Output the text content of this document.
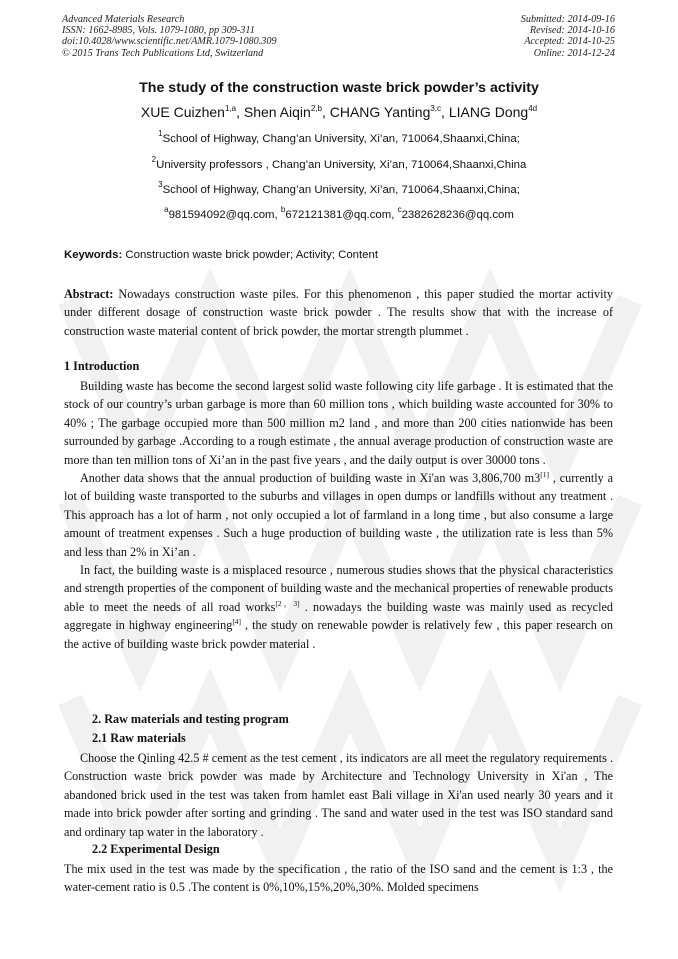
Advanced Materials Research
ISSN: 1662-8985, Vols. 1079-1080, pp 309-311
doi:10.4028/www.scientific.net/AMR.1079-1080.309
© 2015 Trans Tech Publications Ltd, Switzerland
Submitted: 2014-09-16
Revised: 2014-10-16
Accepted: 2014-10-25
Online: 2014-12-24
The study of the construction waste brick powder’s activity
XUE Cuizhen$^{1,a}$, Shen Aiqin$^{2,b}$, CHANG Yanting$^{3,c}$, LIANG Dong$^{4d}$
$^1$School of Highway, Chang’an University, Xi’an, 710064,Shaanxi,China;
$^2$University professors , Chang’an University, Xi’an, 710064,Shaanxi,China
$^3$School of Highway, Chang’an University, Xi’an, 710064,Shaanxi,China;
$^a$981594092@qq.com, $^b$672121381@qq.com, $^c$2382628236@qq.com
Keywords: Construction waste brick powder; Activity; Content

Abstract: Nowadays construction waste piles. For this phenomenon , this paper studied the mortar activity under different dosage of construction waste brick powder . The results show that with the increase of construction waste material content of brick powder, the mortar strength plummet .

1 Introduction

Building waste has become the second largest solid waste following city life garbage . It is estimated that the stock of our country’s urban garbage is more than 60 million tons , which building waste accounted for 30% to 40% ; The garbage occupied more than 500 million m2 land , and more than 200 cities nationwide has been surrounded by garbage .According to a rough estimate , the annual average production of construction waste are more than ten million tons of Xi’an in the past five years , and the daily output is over 30000 tons .

Another data shows that the annual production of building waste in Xi'an was 3,806,700 m3[1] , currently a lot of building waste transported to the suburbs and villages in open dumps or landfills without any treatment . This approach has a lot of harm , not only occupied a lot of farmland in a long time , but also consume a large amount of treatment expenses . Such a huge production of building waste , the utilization rate is less than 5% and less than 2% in Xi’an .

In fact, the building waste is a misplaced resource , numerous studies shows that the physical characteristics and strength properties of the component of building waste and the mechanical properties of renewable products able to meet the needs of all road works[2，3] . nowadays the building waste was mainly used as recycled aggregate in highway engineering[4] , the study on renewable powder is relatively few , this paper research on the active of building waste brick powder material .

2. Raw materials and testing program
2.1 Raw materials

Choose the Qinling 42.5 # cement as the test cement , its indicators are all meet the regulatory requirements . Construction waste brick powder was made by Architecture and Technology University in Xi'an , The abandoned brick used in the test was taken from hamlet east Bali village in Xi'an used nearly 30 years and it made into brick powder after sorting and grinding . The sand and water used in the test was ISO standard sand and ordinary tap water in the laboratory .

2.2 Experimental Design

The mix used in the test was made by the specification , the ratio of the ISO sand and the cement is 1:3 , the water-cement ratio is 0.5 .The content is 0%,10%,15%,20%,30%. Molded specimens
